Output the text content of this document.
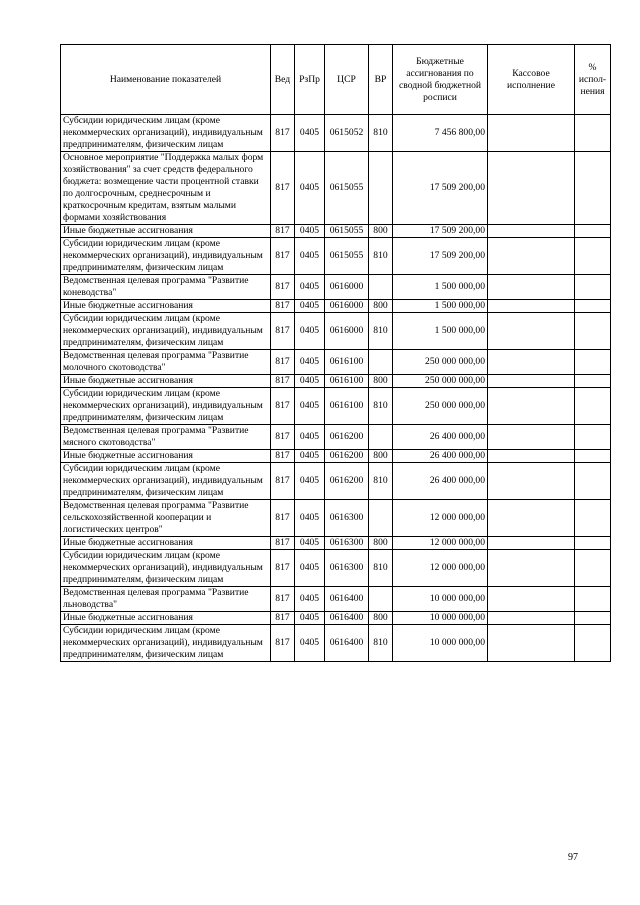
Наименование показателей	Вед	РзПр	ЦСР	ВР	Бюджетные ассигнования по сводной бюджетной росписи	Кассовое исполнение	% испол- нения
Субсидии юридическим лицам (кроме некоммерческих организаций), индивидуальным предпринимателям, физическим лицам	817	0405	0615052	810	7 456 800,00		
Основное мероприятие "Поддержка малых форм хозяйствования" за счет средств федерального бюджета: возмещение части процентной ставки по долгосрочным, среднесрочным и краткосрочным кредитам, взятым малыми формами хозяйствования	817	0405	0615055		17 509 200,00		
Иные бюджетные ассигнования	817	0405	0615055	800	17 509 200,00		
Субсидии юридическим лицам (кроме некоммерческих организаций), индивидуальным предпринимателям, физическим лицам	817	0405	0615055	810	17 509 200,00		
Ведомственная целевая программа "Развитие коневодства"	817	0405	0616000		1 500 000,00		
Иные бюджетные ассигнования	817	0405	0616000	800	1 500 000,00		
Субсидии юридическим лицам (кроме некоммерческих организаций), индивидуальным предпринимателям, физическим лицам	817	0405	0616000	810	1 500 000,00		
Ведомственная целевая программа "Развитие молочного скотоводства"	817	0405	0616100		250 000 000,00		
Иные бюджетные ассигнования	817	0405	0616100	800	250 000 000,00		
Субсидии юридическим лицам (кроме некоммерческих организаций), индивидуальным предпринимателям, физическим лицам	817	0405	0616100	810	250 000 000,00		
Ведомственная целевая программа "Развитие мясного скотоводства"	817	0405	0616200		26 400 000,00		
Иные бюджетные ассигнования	817	0405	0616200	800	26 400 000,00		
Субсидии юридическим лицам (кроме некоммерческих организаций), индивидуальным предпринимателям, физическим лицам	817	0405	0616200	810	26 400 000,00		
Ведомственная целевая программа "Развитие сельскохозяйственной кооперации и логистических центров"	817	0405	0616300		12 000 000,00		
Иные бюджетные ассигнования	817	0405	0616300	800	12 000 000,00		
Субсидии юридическим лицам (кроме некоммерческих организаций), индивидуальным предпринимателям, физическим лицам	817	0405	0616300	810	12 000 000,00		
Ведомственная целевая программа "Развитие льноводства"	817	0405	0616400		10 000 000,00		
Иные бюджетные ассигнования	817	0405	0616400	800	10 000 000,00		
Субсидии юридическим лицам (кроме некоммерческих организаций), индивидуальным предпринимателям, физическим лицам	817	0405	0616400	810	10 000 000,00		
97
